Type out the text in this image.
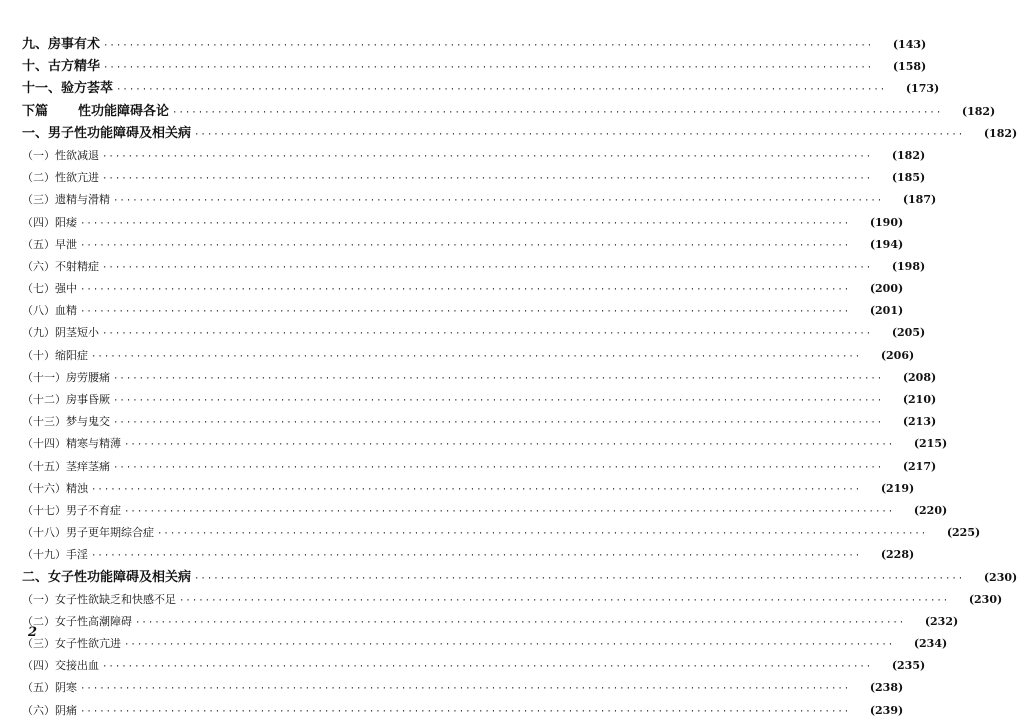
九、房事有术 ························································································································	(143)
十、古方精华 ························································································································	(158)
十一、验方荟萃 ························································································································	(173)
下篇 性功能障碍各论 ························································································································	(182)
一、男子性功能障碍及相关病 ························································································································	(182)
（一）性欲减退 ························································································································	(182)
（二）性欲亢进 ························································································································	(185)
（三）遗精与滑精 ························································································································	(187)
（四）阳痿 ························································································································	(190)
（五）早泄 ························································································································	(194)
（六）不射精症 ························································································································	(198)
（七）强中 ························································································································	(200)
（八）血精 ························································································································	(201)
（九）阴茎短小 ························································································································	(205)
（十）缩阳症 ························································································································	(206)
（十一）房劳腰痛 ························································································································	(208)
（十二）房事昏厥 ························································································································	(210)
（十三）梦与鬼交 ························································································································	(213)
（十四）精寒与精薄 ························································································································	(215)
（十五）茎痒茎痛 ························································································································	(217)
（十六）精浊 ························································································································	(219)
（十七）男子不育症 ························································································································	(220)
（十八）男子更年期综合症 ························································································································	(225)
（十九）手淫 ························································································································	(228)
二、女子性功能障碍及相关病 ························································································································	(230)
（一）女子性欲缺乏和快感不足 ························································································································	(230)
（二）女子性高潮障碍 ························································································································	(232)
（三）女子性欲亢进 ························································································································	(234)
（四）交接出血 ························································································································	(235)
（五）阴寒 ························································································································	(238)
（六）阴痛 ························································································································	(239)
2
